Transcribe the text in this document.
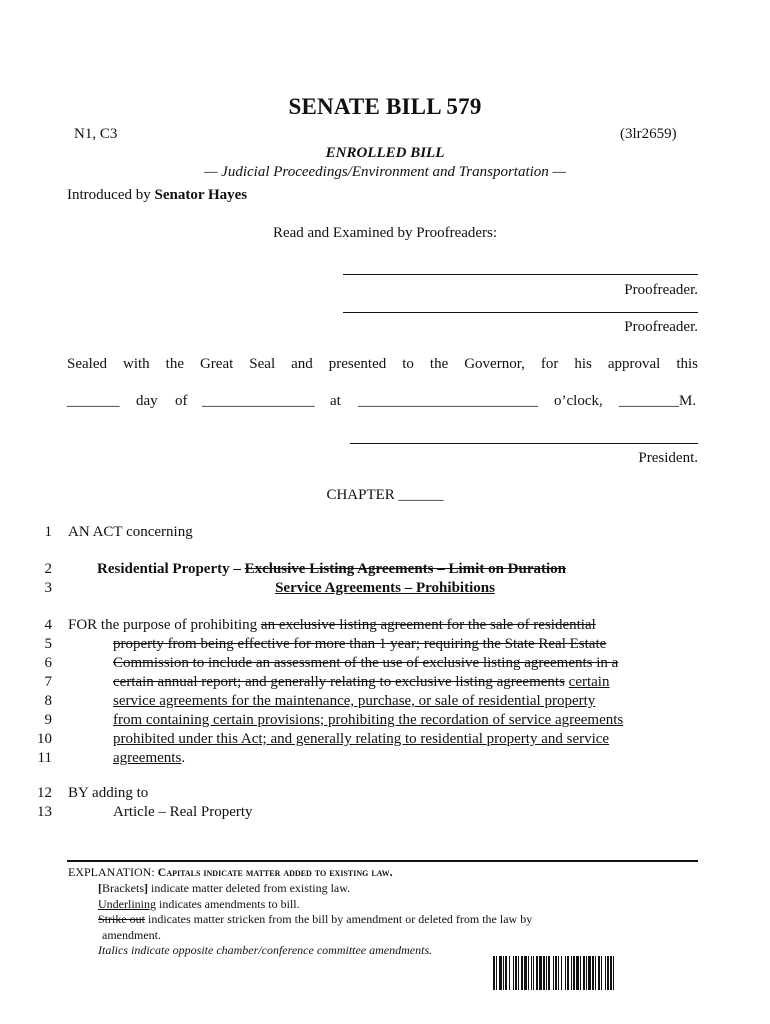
SENATE BILL 579
N1, C3	(3lr2659)
ENROLLED BILL
— Judicial Proceedings/Environment and Transportation —
Introduced by Senator Hayes
Read and Examined by Proofreaders:
Proofreader.
Proofreader.
Sealed with the Great Seal and presented to the Governor, for his approval this
_______ day of _______________ at ________________________ o’clock, ________ M.
President.
CHAPTER ______
1
2
3
4
5
6
7
8
9
10
11
12
13
AN ACT concerning
Residential Property – Exclusive Listing Agreements – Limit on Duration
Service Agreements – Prohibitions
FOR the purpose of prohibiting an exclusive listing agreement for the sale of residential
property from being effective for more than 1 year; requiring the State Real Estate
Commission to include an assessment of the use of exclusive listing agreements in a
certain annual report; and generally relating to exclusive listing agreements certain
service agreements for the maintenance, purchase, or sale of residential property
from containing certain provisions; prohibiting the recordation of service agreements
prohibited under this Act; and generally relating to residential property and service
agreements.
BY adding to
Article – Real Property
EXPLANATION: Capitals indicate matter added to existing law.
[Brackets] indicate matter deleted from existing law.
Underlining indicates amendments to bill.
Strike out indicates matter stricken from the bill by amendment or deleted from the law by
amendment.
Italics indicate opposite chamber/conference committee amendments.
